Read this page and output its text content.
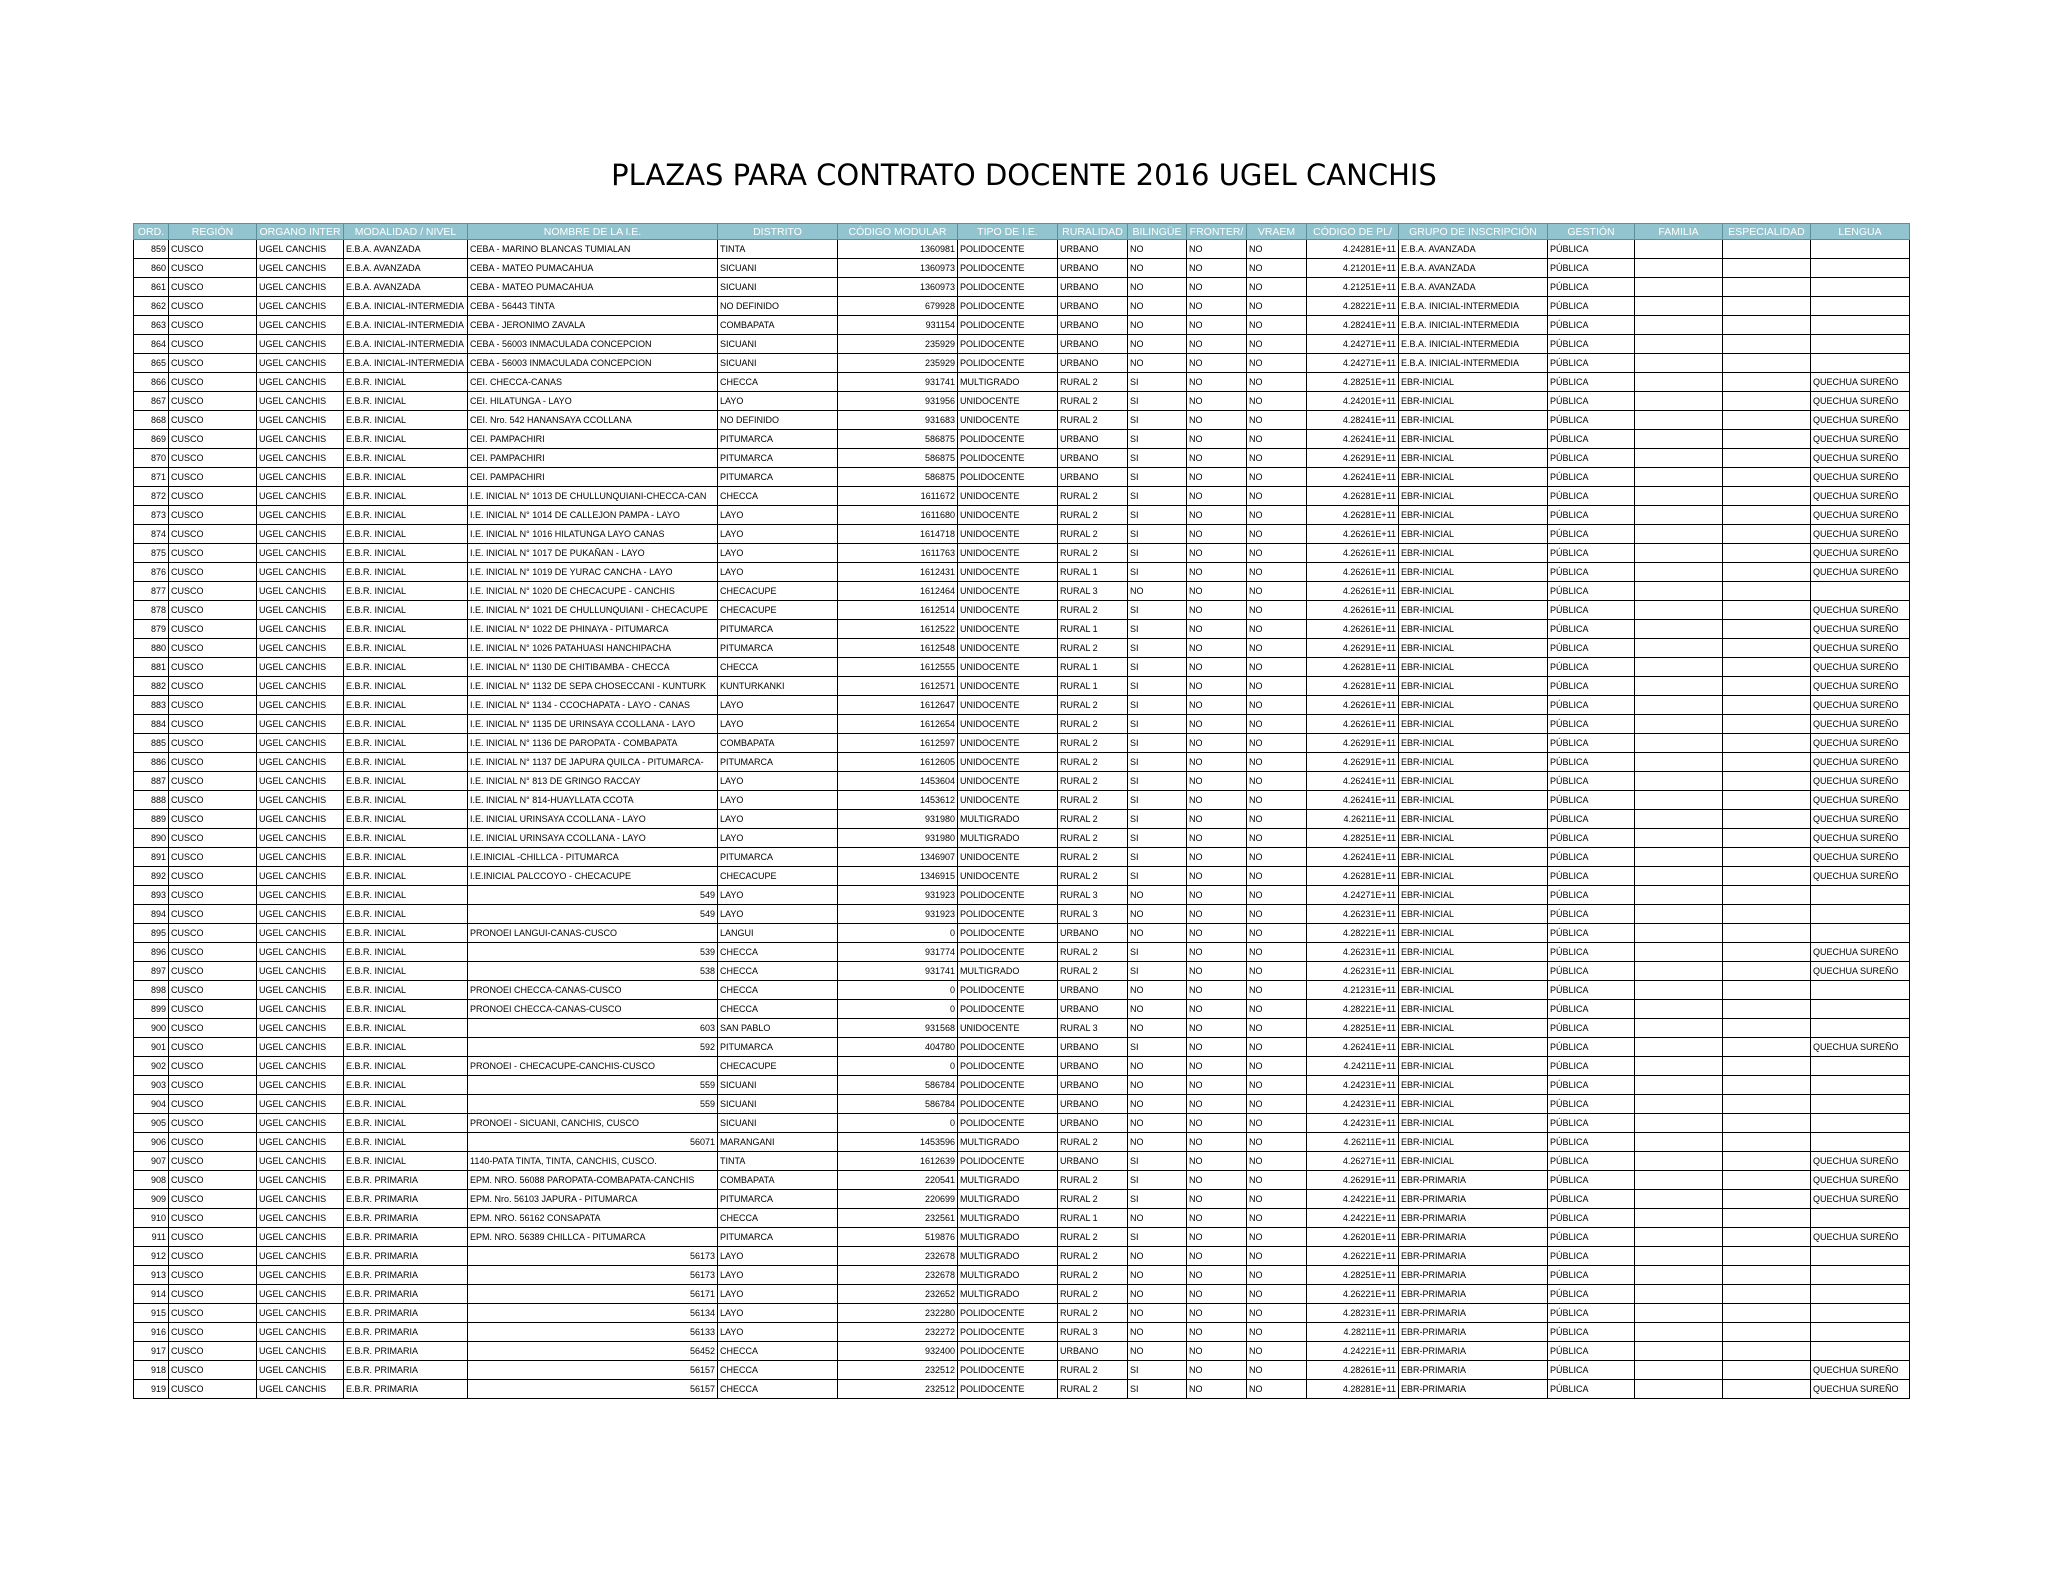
PLAZAS PARA CONTRATO DOCENTE 2016 UGEL CANCHIS
ORD.	REGIÓN	ORGANO INTER	MODALIDAD / NIVEL	NOMBRE DE LA I.E.	DISTRITO	CÓDIGO MODULAR	TIPO DE I.E.	RURALIDAD	BILINGÜE	FRONTER/	VRAEM	CÓDIGO DE PL/	GRUPO DE INSCRIPCIÓN	GESTIÓN	FAMILIA	ESPECIALIDAD	LENGUA
859	CUSCO	UGEL CANCHIS	E.B.A. AVANZADA	CEBA - MARINO BLANCAS TUMIALAN	TINTA	1360981	POLIDOCENTE	URBANO	NO	NO	NO	4.24281E+11	E.B.A. AVANZADA	PÚBLICA			
860	CUSCO	UGEL CANCHIS	E.B.A. AVANZADA	CEBA - MATEO PUMACAHUA	SICUANI	1360973	POLIDOCENTE	URBANO	NO	NO	NO	4.21201E+11	E.B.A. AVANZADA	PÚBLICA			
861	CUSCO	UGEL CANCHIS	E.B.A. AVANZADA	CEBA - MATEO PUMACAHUA	SICUANI	1360973	POLIDOCENTE	URBANO	NO	NO	NO	4.21251E+11	E.B.A. AVANZADA	PÚBLICA			
862	CUSCO	UGEL CANCHIS	E.B.A. INICIAL-INTERMEDIA	CEBA - 56443 TINTA	NO DEFINIDO	679928	POLIDOCENTE	URBANO	NO	NO	NO	4.28221E+11	E.B.A. INICIAL-INTERMEDIA	PÚBLICA			
863	CUSCO	UGEL CANCHIS	E.B.A. INICIAL-INTERMEDIA	CEBA - JERONIMO ZAVALA	COMBAPATA	931154	POLIDOCENTE	URBANO	NO	NO	NO	4.28241E+11	E.B.A. INICIAL-INTERMEDIA	PÚBLICA			
864	CUSCO	UGEL CANCHIS	E.B.A. INICIAL-INTERMEDIA	CEBA - 56003 INMACULADA CONCEPCION	SICUANI	235929	POLIDOCENTE	URBANO	NO	NO	NO	4.24271E+11	E.B.A. INICIAL-INTERMEDIA	PÚBLICA			
865	CUSCO	UGEL CANCHIS	E.B.A. INICIAL-INTERMEDIA	CEBA - 56003 INMACULADA CONCEPCION	SICUANI	235929	POLIDOCENTE	URBANO	NO	NO	NO	4.24271E+11	E.B.A. INICIAL-INTERMEDIA	PÚBLICA			
866	CUSCO	UGEL CANCHIS	E.B.R. INICIAL	CEI. CHECCA-CANAS	CHECCA	931741	MULTIGRADO	RURAL 2	SI	NO	NO	4.28251E+11	EBR-INICIAL	PÚBLICA			QUECHUA SUREÑO
867	CUSCO	UGEL CANCHIS	E.B.R. INICIAL	CEI. HILATUNGA - LAYO	LAYO	931956	UNIDOCENTE	RURAL 2	SI	NO	NO	4.24201E+11	EBR-INICIAL	PÚBLICA			QUECHUA SUREÑO
868	CUSCO	UGEL CANCHIS	E.B.R. INICIAL	CEI. Nro. 542 HANANSAYA CCOLLANA	NO DEFINIDO	931683	UNIDOCENTE	RURAL 2	SI	NO	NO	4.28241E+11	EBR-INICIAL	PÚBLICA			QUECHUA SUREÑO
869	CUSCO	UGEL CANCHIS	E.B.R. INICIAL	CEI. PAMPACHIRI	PITUMARCA	586875	POLIDOCENTE	URBANO	SI	NO	NO	4.26241E+11	EBR-INICIAL	PÚBLICA			QUECHUA SUREÑO
870	CUSCO	UGEL CANCHIS	E.B.R. INICIAL	CEI. PAMPACHIRI	PITUMARCA	586875	POLIDOCENTE	URBANO	SI	NO	NO	4.26291E+11	EBR-INICIAL	PÚBLICA			QUECHUA SUREÑO
871	CUSCO	UGEL CANCHIS	E.B.R. INICIAL	CEI. PAMPACHIRI	PITUMARCA	586875	POLIDOCENTE	URBANO	SI	NO	NO	4.26241E+11	EBR-INICIAL	PÚBLICA			QUECHUA SUREÑO
872	CUSCO	UGEL CANCHIS	E.B.R. INICIAL	I.E. INICIAL N° 1013 DE CHULLUNQUIANI-CHECCA-CAN	CHECCA	1611672	UNIDOCENTE	RURAL 2	SI	NO	NO	4.26281E+11	EBR-INICIAL	PÚBLICA			QUECHUA SUREÑO
873	CUSCO	UGEL CANCHIS	E.B.R. INICIAL	I.E. INICIAL N° 1014 DE CALLEJON PAMPA - LAYO	LAYO	1611680	UNIDOCENTE	RURAL 2	SI	NO	NO	4.26281E+11	EBR-INICIAL	PÚBLICA			QUECHUA SUREÑO
874	CUSCO	UGEL CANCHIS	E.B.R. INICIAL	I.E. INICIAL N° 1016 HILATUNGA LAYO CANAS	LAYO	1614718	UNIDOCENTE	RURAL 2	SI	NO	NO	4.26261E+11	EBR-INICIAL	PÚBLICA			QUECHUA SUREÑO
875	CUSCO	UGEL CANCHIS	E.B.R. INICIAL	I.E. INICIAL N° 1017 DE PUKAÑAN - LAYO	LAYO	1611763	UNIDOCENTE	RURAL 2	SI	NO	NO	4.26261E+11	EBR-INICIAL	PÚBLICA			QUECHUA SUREÑO
876	CUSCO	UGEL CANCHIS	E.B.R. INICIAL	I.E. INICIAL N° 1019 DE YURAC CANCHA - LAYO	LAYO	1612431	UNIDOCENTE	RURAL 1	SI	NO	NO	4.26261E+11	EBR-INICIAL	PÚBLICA			QUECHUA SUREÑO
877	CUSCO	UGEL CANCHIS	E.B.R. INICIAL	I.E. INICIAL N° 1020 DE CHECACUPE - CANCHIS	CHECACUPE	1612464	UNIDOCENTE	RURAL 3	NO	NO	NO	4.26261E+11	EBR-INICIAL	PÚBLICA			
878	CUSCO	UGEL CANCHIS	E.B.R. INICIAL	I.E. INICIAL N° 1021 DE CHULLUNQUIANI - CHECACUPE	CHECACUPE	1612514	UNIDOCENTE	RURAL 2	SI	NO	NO	4.26261E+11	EBR-INICIAL	PÚBLICA			QUECHUA SUREÑO
879	CUSCO	UGEL CANCHIS	E.B.R. INICIAL	I.E. INICIAL N° 1022 DE PHINAYA - PITUMARCA	PITUMARCA	1612522	UNIDOCENTE	RURAL 1	SI	NO	NO	4.26261E+11	EBR-INICIAL	PÚBLICA			QUECHUA SUREÑO
880	CUSCO	UGEL CANCHIS	E.B.R. INICIAL	I.E. INICIAL N° 1026 PATAHUASI HANCHIPACHA	PITUMARCA	1612548	UNIDOCENTE	RURAL 2	SI	NO	NO	4.26291E+11	EBR-INICIAL	PÚBLICA			QUECHUA SUREÑO
881	CUSCO	UGEL CANCHIS	E.B.R. INICIAL	I.E. INICIAL N° 1130 DE CHITIBAMBA - CHECCA	CHECCA	1612555	UNIDOCENTE	RURAL 1	SI	NO	NO	4.26281E+11	EBR-INICIAL	PÚBLICA			QUECHUA SUREÑO
882	CUSCO	UGEL CANCHIS	E.B.R. INICIAL	I.E. INICIAL N° 1132 DE SEPA CHOSECCANI - KUNTURK	KUNTURKANKI	1612571	UNIDOCENTE	RURAL 1	SI	NO	NO	4.26281E+11	EBR-INICIAL	PÚBLICA			QUECHUA SUREÑO
883	CUSCO	UGEL CANCHIS	E.B.R. INICIAL	I.E. INICIAL N° 1134 - CCOCHAPATA - LAYO - CANAS	LAYO	1612647	UNIDOCENTE	RURAL 2	SI	NO	NO	4.26261E+11	EBR-INICIAL	PÚBLICA			QUECHUA SUREÑO
884	CUSCO	UGEL CANCHIS	E.B.R. INICIAL	I.E. INICIAL N° 1135 DE URINSAYA CCOLLANA - LAYO	LAYO	1612654	UNIDOCENTE	RURAL 2	SI	NO	NO	4.26261E+11	EBR-INICIAL	PÚBLICA			QUECHUA SUREÑO
885	CUSCO	UGEL CANCHIS	E.B.R. INICIAL	I.E. INICIAL N° 1136 DE PAROPATA - COMBAPATA	COMBAPATA	1612597	UNIDOCENTE	RURAL 2	SI	NO	NO	4.26291E+11	EBR-INICIAL	PÚBLICA			QUECHUA SUREÑO
886	CUSCO	UGEL CANCHIS	E.B.R. INICIAL	I.E. INICIAL N° 1137 DE JAPURA QUILCA - PITUMARCA-	PITUMARCA	1612605	UNIDOCENTE	RURAL 2	SI	NO	NO	4.26291E+11	EBR-INICIAL	PÚBLICA			QUECHUA SUREÑO
887	CUSCO	UGEL CANCHIS	E.B.R. INICIAL	I.E. INICIAL N° 813 DE GRINGO RACCAY	LAYO	1453604	UNIDOCENTE	RURAL 2	SI	NO	NO	4.26241E+11	EBR-INICIAL	PÚBLICA			QUECHUA SUREÑO
888	CUSCO	UGEL CANCHIS	E.B.R. INICIAL	I.E. INICIAL N° 814-HUAYLLATA CCOTA	LAYO	1453612	UNIDOCENTE	RURAL 2	SI	NO	NO	4.26241E+11	EBR-INICIAL	PÚBLICA			QUECHUA SUREÑO
889	CUSCO	UGEL CANCHIS	E.B.R. INICIAL	I.E. INICIAL URINSAYA CCOLLANA - LAYO	LAYO	931980	MULTIGRADO	RURAL 2	SI	NO	NO	4.26211E+11	EBR-INICIAL	PÚBLICA			QUECHUA SUREÑO
890	CUSCO	UGEL CANCHIS	E.B.R. INICIAL	I.E. INICIAL URINSAYA CCOLLANA - LAYO	LAYO	931980	MULTIGRADO	RURAL 2	SI	NO	NO	4.28251E+11	EBR-INICIAL	PÚBLICA			QUECHUA SUREÑO
891	CUSCO	UGEL CANCHIS	E.B.R. INICIAL	I.E.INICIAL -CHILLCA - PITUMARCA	PITUMARCA	1346907	UNIDOCENTE	RURAL 2	SI	NO	NO	4.26241E+11	EBR-INICIAL	PÚBLICA			QUECHUA SUREÑO
892	CUSCO	UGEL CANCHIS	E.B.R. INICIAL	I.E.INICIAL PALCCOYO - CHECACUPE	CHECACUPE	1346915	UNIDOCENTE	RURAL 2	SI	NO	NO	4.26281E+11	EBR-INICIAL	PÚBLICA			QUECHUA SUREÑO
893	CUSCO	UGEL CANCHIS	E.B.R. INICIAL	549	LAYO	931923	POLIDOCENTE	RURAL 3	NO	NO	NO	4.24271E+11	EBR-INICIAL	PÚBLICA			
894	CUSCO	UGEL CANCHIS	E.B.R. INICIAL	549	LAYO	931923	POLIDOCENTE	RURAL 3	NO	NO	NO	4.26231E+11	EBR-INICIAL	PÚBLICA			
895	CUSCO	UGEL CANCHIS	E.B.R. INICIAL	PRONOEI LANGUI-CANAS-CUSCO	LANGUI	0	POLIDOCENTE	URBANO	NO	NO	NO	4.28221E+11	EBR-INICIAL	PÚBLICA			
896	CUSCO	UGEL CANCHIS	E.B.R. INICIAL	539	CHECCA	931774	POLIDOCENTE	RURAL 2	SI	NO	NO	4.26231E+11	EBR-INICIAL	PÚBLICA			QUECHUA SUREÑO
897	CUSCO	UGEL CANCHIS	E.B.R. INICIAL	538	CHECCA	931741	MULTIGRADO	RURAL 2	SI	NO	NO	4.26231E+11	EBR-INICIAL	PÚBLICA			QUECHUA SUREÑO
898	CUSCO	UGEL CANCHIS	E.B.R. INICIAL	PRONOEI CHECCA-CANAS-CUSCO	CHECCA	0	POLIDOCENTE	URBANO	NO	NO	NO	4.21231E+11	EBR-INICIAL	PÚBLICA			
899	CUSCO	UGEL CANCHIS	E.B.R. INICIAL	PRONOEI CHECCA-CANAS-CUSCO	CHECCA	0	POLIDOCENTE	URBANO	NO	NO	NO	4.28221E+11	EBR-INICIAL	PÚBLICA			
900	CUSCO	UGEL CANCHIS	E.B.R. INICIAL	603	SAN PABLO	931568	UNIDOCENTE	RURAL 3	NO	NO	NO	4.28251E+11	EBR-INICIAL	PÚBLICA			
901	CUSCO	UGEL CANCHIS	E.B.R. INICIAL	592	PITUMARCA	404780	POLIDOCENTE	URBANO	SI	NO	NO	4.26241E+11	EBR-INICIAL	PÚBLICA			QUECHUA SUREÑO
902	CUSCO	UGEL CANCHIS	E.B.R. INICIAL	PRONOEI - CHECACUPE-CANCHIS-CUSCO	CHECACUPE	0	POLIDOCENTE	URBANO	NO	NO	NO	4.24211E+11	EBR-INICIAL	PÚBLICA			
903	CUSCO	UGEL CANCHIS	E.B.R. INICIAL	559	SICUANI	586784	POLIDOCENTE	URBANO	NO	NO	NO	4.24231E+11	EBR-INICIAL	PÚBLICA			
904	CUSCO	UGEL CANCHIS	E.B.R. INICIAL	559	SICUANI	586784	POLIDOCENTE	URBANO	NO	NO	NO	4.24231E+11	EBR-INICIAL	PÚBLICA			
905	CUSCO	UGEL CANCHIS	E.B.R. INICIAL	PRONOEI - SICUANI, CANCHIS, CUSCO	SICUANI	0	POLIDOCENTE	URBANO	NO	NO	NO	4.24231E+11	EBR-INICIAL	PÚBLICA			
906	CUSCO	UGEL CANCHIS	E.B.R. INICIAL	56071	MARANGANI	1453596	MULTIGRADO	RURAL 2	NO	NO	NO	4.26211E+11	EBR-INICIAL	PÚBLICA			
907	CUSCO	UGEL CANCHIS	E.B.R. INICIAL	1140-PATA TINTA, TINTA, CANCHIS, CUSCO.	TINTA	1612639	POLIDOCENTE	URBANO	SI	NO	NO	4.26271E+11	EBR-INICIAL	PÚBLICA			QUECHUA SUREÑO
908	CUSCO	UGEL CANCHIS	E.B.R. PRIMARIA	EPM. NRO. 56088 PAROPATA-COMBAPATA-CANCHIS	COMBAPATA	220541	MULTIGRADO	RURAL 2	SI	NO	NO	4.26291E+11	EBR-PRIMARIA	PÚBLICA			QUECHUA SUREÑO
909	CUSCO	UGEL CANCHIS	E.B.R. PRIMARIA	EPM. Nro. 56103 JAPURA - PITUMARCA	PITUMARCA	220699	MULTIGRADO	RURAL 2	SI	NO	NO	4.24221E+11	EBR-PRIMARIA	PÚBLICA			QUECHUA SUREÑO
910	CUSCO	UGEL CANCHIS	E.B.R. PRIMARIA	EPM. NRO. 56162 CONSAPATA	CHECCA	232561	MULTIGRADO	RURAL 1	NO	NO	NO	4.24221E+11	EBR-PRIMARIA	PÚBLICA			
911	CUSCO	UGEL CANCHIS	E.B.R. PRIMARIA	EPM. NRO. 56389 CHILLCA - PITUMARCA	PITUMARCA	519876	MULTIGRADO	RURAL 2	SI	NO	NO	4.26201E+11	EBR-PRIMARIA	PÚBLICA			QUECHUA SUREÑO
912	CUSCO	UGEL CANCHIS	E.B.R. PRIMARIA	56173	LAYO	232678	MULTIGRADO	RURAL 2	NO	NO	NO	4.26221E+11	EBR-PRIMARIA	PÚBLICA			
913	CUSCO	UGEL CANCHIS	E.B.R. PRIMARIA	56173	LAYO	232678	MULTIGRADO	RURAL 2	NO	NO	NO	4.28251E+11	EBR-PRIMARIA	PÚBLICA			
914	CUSCO	UGEL CANCHIS	E.B.R. PRIMARIA	56171	LAYO	232652	MULTIGRADO	RURAL 2	NO	NO	NO	4.26221E+11	EBR-PRIMARIA	PÚBLICA			
915	CUSCO	UGEL CANCHIS	E.B.R. PRIMARIA	56134	LAYO	232280	POLIDOCENTE	RURAL 2	NO	NO	NO	4.28231E+11	EBR-PRIMARIA	PÚBLICA			
916	CUSCO	UGEL CANCHIS	E.B.R. PRIMARIA	56133	LAYO	232272	POLIDOCENTE	RURAL 3	NO	NO	NO	4.28211E+11	EBR-PRIMARIA	PÚBLICA			
917	CUSCO	UGEL CANCHIS	E.B.R. PRIMARIA	56452	CHECCA	932400	POLIDOCENTE	URBANO	NO	NO	NO	4.24221E+11	EBR-PRIMARIA	PÚBLICA			
918	CUSCO	UGEL CANCHIS	E.B.R. PRIMARIA	56157	CHECCA	232512	POLIDOCENTE	RURAL 2	SI	NO	NO	4.28261E+11	EBR-PRIMARIA	PÚBLICA			QUECHUA SUREÑO
919	CUSCO	UGEL CANCHIS	E.B.R. PRIMARIA	56157	CHECCA	232512	POLIDOCENTE	RURAL 2	SI	NO	NO	4.28281E+11	EBR-PRIMARIA	PÚBLICA			QUECHUA SUREÑO
